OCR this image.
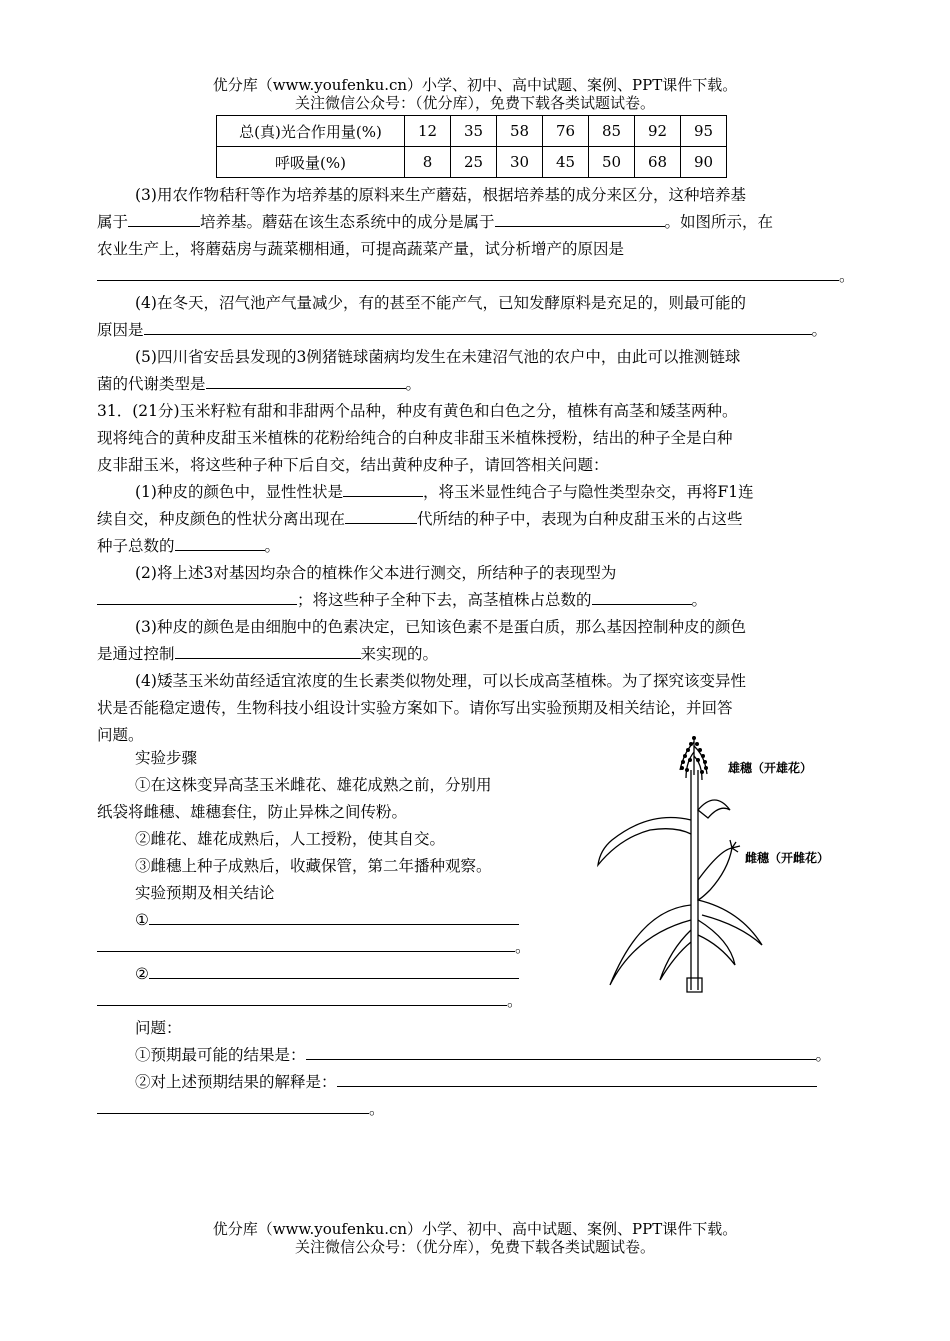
优分库（www.youfenku.cn）小学、初中、高中试题、案例、PPT课件下载。
关注微信公众号：（优分库），免费下载各类试题试卷。
总(真)光合作用量(%)	12	35	58	76	85	92	95
呼吸量(%)	8	25	30	45	50	68	90
(3)用农作物秸秆等作为培养基的原料来生产蘑菇，根据培养基的成分来区分，这种培养基
属于	培养基。蘑菇在该生态系统中的成分是属于	。如图所示，在
农业生产上，将蘑菇房与蔬菜棚相通，可提高蔬菜产量，试分析增产的原因是
。
(4)在冬天，沼气池产气量减少，有的甚至不能产气，已知发酵原料是充足的，则最可能的
原因是	。
(5)四川省安岳县发现的3例猪链球菌病均发生在未建沼气池的农户中，由此可以推测链球
菌的代谢类型是	。
31．(21分)玉米籽粒有甜和非甜两个品种，种皮有黄色和白色之分，植株有高茎和矮茎两种。
现将纯合的黄种皮甜玉米植株的花粉给纯合的白种皮非甜玉米植株授粉，结出的种子全是白种
皮非甜玉米，将这些种子种下后自交，结出黄种皮种子，请回答相关问题：
(1)种皮的颜色中，显性性状是	，将玉米显性纯合子与隐性类型杂交，再将F1连
续自交，种皮颜色的性状分离出现在	代所结的种子中，表现为白种皮甜玉米的占这些
种子总数的	。
(2)将上述3对基因均杂合的植株作父本进行测交，所结种子的表现型为
；将这些种子全种下去，高茎植株占总数的	。
(3)种皮的颜色是由细胞中的色素决定，已知该色素不是蛋白质，那么基因控制种皮的颜色
是通过控制	来实现的。
(4)矮茎玉米幼苗经适宜浓度的生长素类似物处理，可以长成高茎植株。为了探究该变异性
状是否能稳定遗传，生物科技小组设计实验方案如下。请你写出实验预期及相关结论，并回答
问题。
实验步骤
①在这株变异高茎玉米雌花、雄花成熟之前，分别用
纸袋将雌穗、雄穗套住，防止异株之间传粉。
②雌花、雄花成熟后，人工授粉，使其自交。
③雌穗上种子成熟后，收藏保管，第二年播种观察。
实验预期及相关结论
①
。
②
。
问题：
①预期最可能的结果是：	。
②对上述预期结果的解释是：
。
雄穗（开雄花）
雌穗（开雌花）
优分库（www.youfenku.cn）小学、初中、高中试题、案例、PPT课件下载。
关注微信公众号：（优分库），免费下载各类试题试卷。
